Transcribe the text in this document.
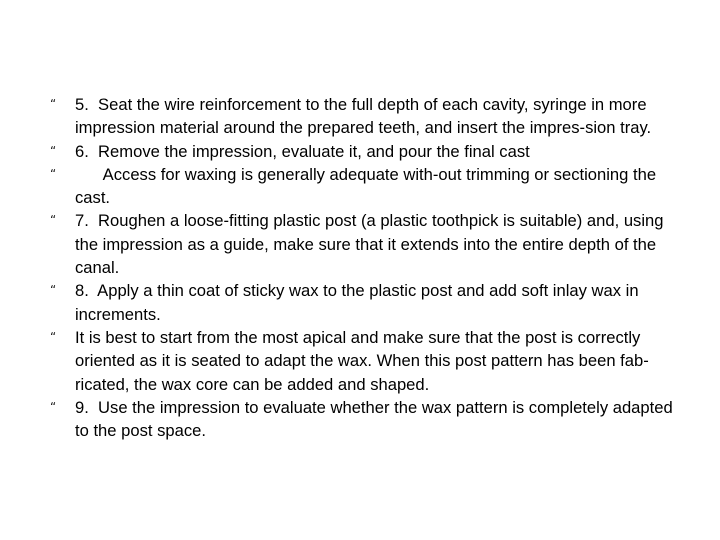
“	5.  Seat the wire reinforcement to the full depth of each cavity, syringe in more impression material around the prepared teeth, and insert the impres-sion tray.
“	6.  Remove the impression, evaluate it, and pour the final cast
“	Access for waxing is generally adequate with-out trimming or sectioning the cast.
“	7.  Roughen a loose-fitting plastic post (a plastic toothpick is suitable) and, using the impression as a guide, make sure that it extends into the entire depth of the canal.
“	8.  Apply a thin coat of sticky wax to the plastic post and add soft inlay wax in increments.
“	It is best to start from the most apical and make sure that the post is correctly oriented as it is seated to adapt the wax. When this post pattern has been fab-ricated, the wax core can be added and shaped.
“	9.  Use the impression to evaluate whether the wax pattern is completely adapted to the post space.
